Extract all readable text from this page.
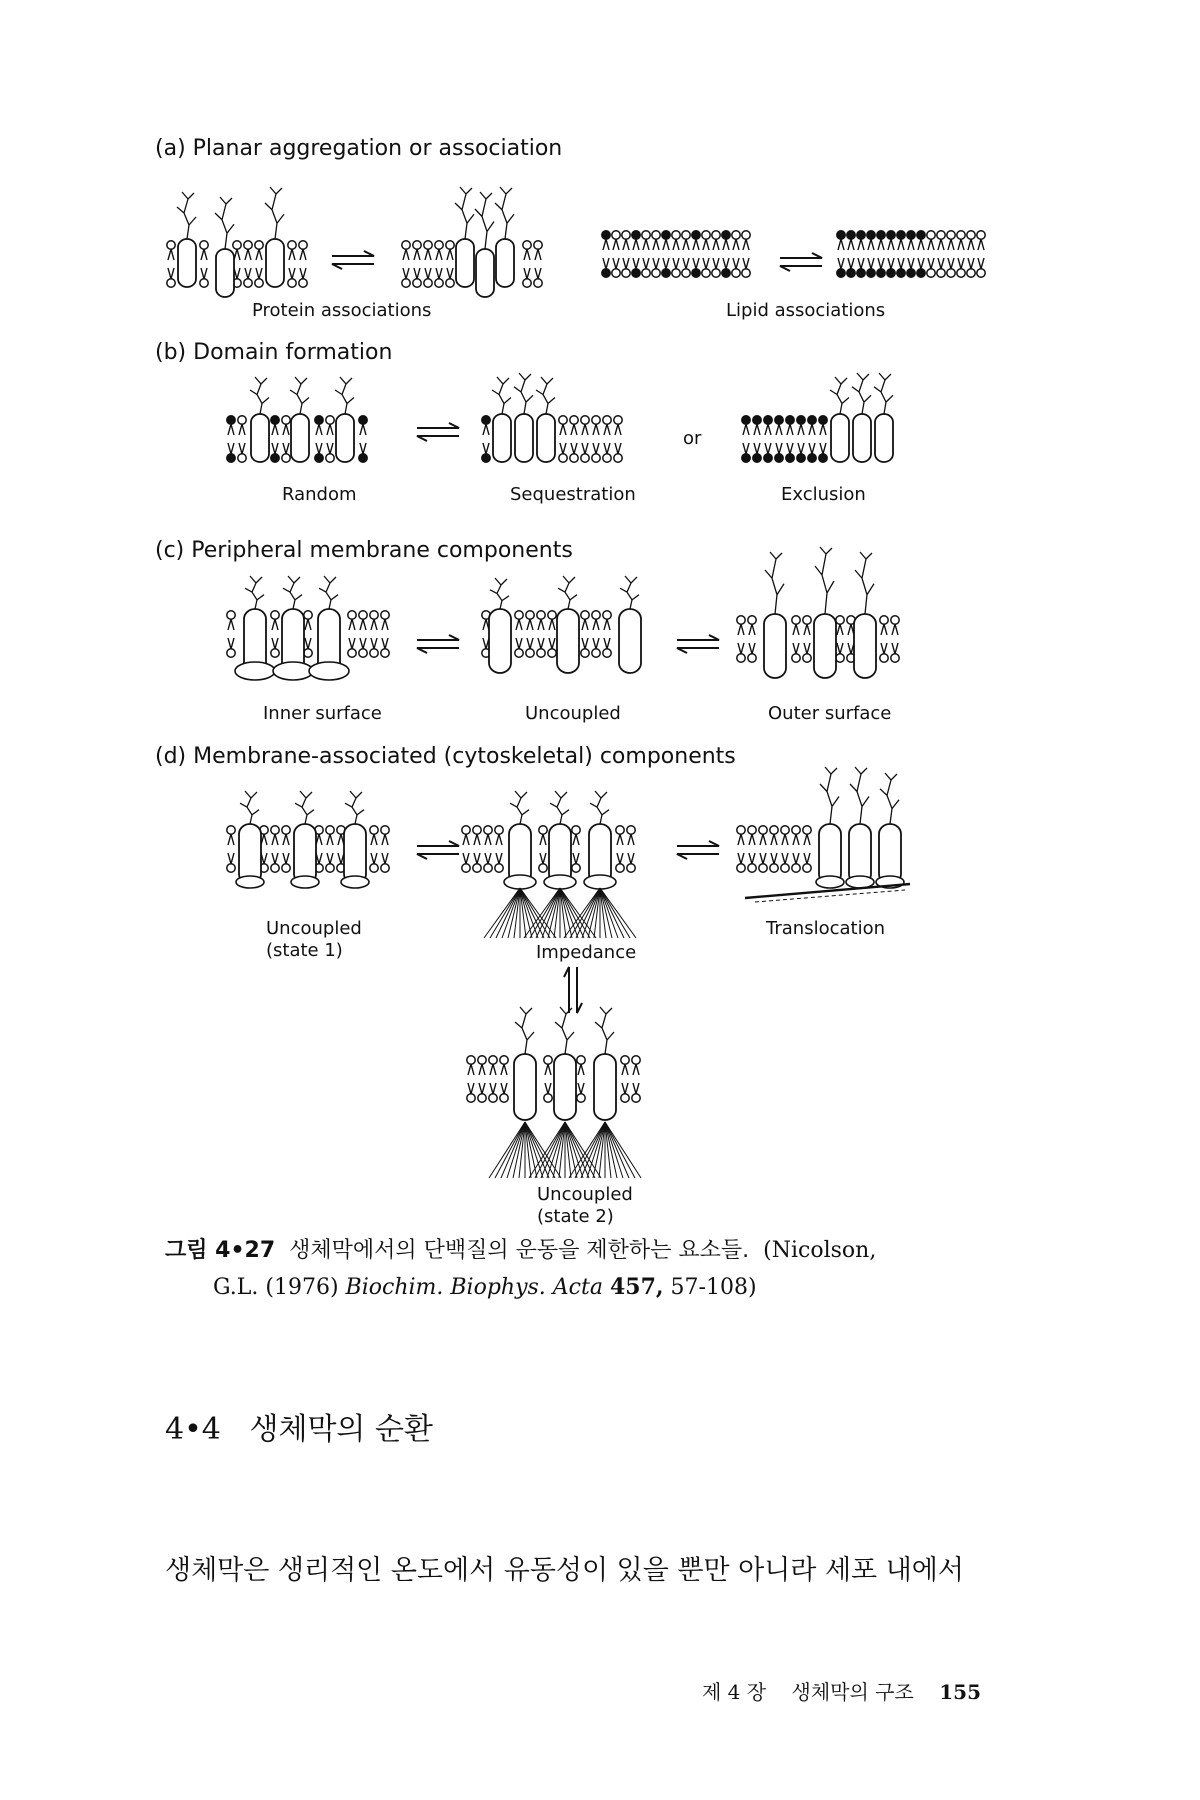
(a) Planar aggregation or association
(b) Domain formation
(c) Peripheral membrane components
(d) Membrane-associated (cytoskeletal) components
Protein associations	Lipid associations
Random	Sequestration
or
Exclusion
Inner surface	Uncoupled	Outer surface
Uncoupled
(state 1)	Impedance
Translocation
Uncoupled
(state 2)
그림 4•27 생체막에서의 단백질의 운동을 제한하는 요소들. (Nicolson,
G.L. (1976) Biochim. Biophys. Acta 457, 57-108)
4•4 생체막의 순환
생체막은 생리적인 온도에서 유동성이 있을 뿐만 아니라 세포 내에서
제 4 장 생체막의 구조 155
